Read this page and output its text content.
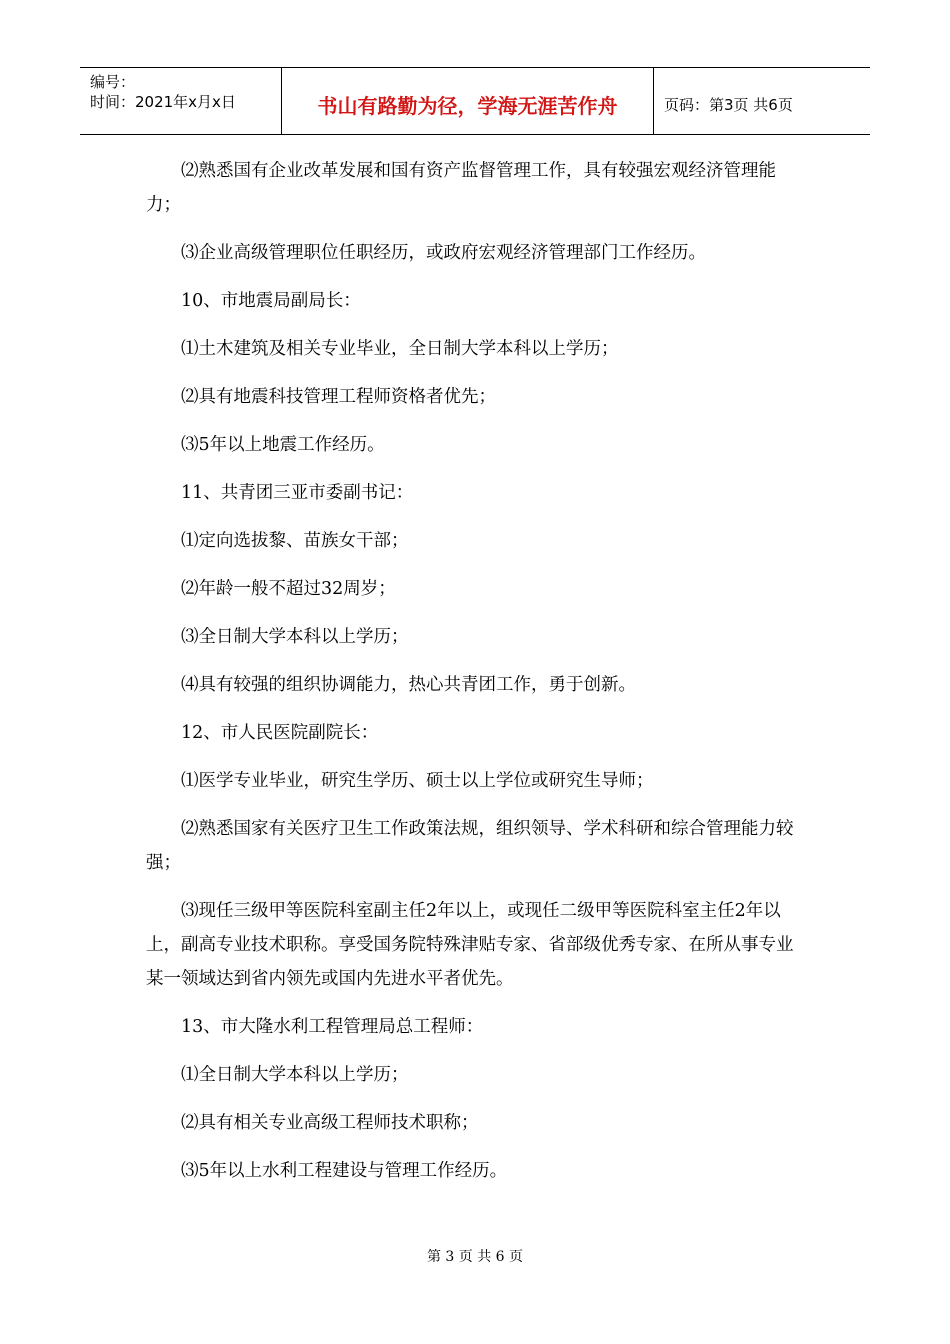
编号：
时间：2021年x月x日	书山有路勤为径，学海无涯苦作舟	页码：第3页 共6页

⑵熟悉国有企业改革发展和国有资产监督管理工作，具有较强宏观经济管理能力；

⑶企业高级管理职位任职经历，或政府宏观经济管理部门工作经历。

10、市地震局副局长：

⑴土木建筑及相关专业毕业，全日制大学本科以上学历；

⑵具有地震科技管理工程师资格者优先；

⑶5年以上地震工作经历。

11、共青团三亚市委副书记：

⑴定向选拔黎、苗族女干部；

⑵年龄一般不超过32周岁；

⑶全日制大学本科以上学历；

⑷具有较强的组织协调能力，热心共青团工作，勇于创新。

12、市人民医院副院长：

⑴医学专业毕业，研究生学历、硕士以上学位或研究生导师；

⑵熟悉国家有关医疗卫生工作政策法规，组织领导、学术科研和综合管理能力较强；

⑶现任三级甲等医院科室副主任2年以上，或现任二级甲等医院科室主任2年以上，副高专业技术职称。享受国务院特殊津贴专家、省部级优秀专家、在所从事专业某一领域达到省内领先或国内先进水平者优先。

13、市大隆水利工程管理局总工程师：

⑴全日制大学本科以上学历；

⑵具有相关专业高级工程师技术职称；

⑶5年以上水利工程建设与管理工作经历。

第 3 页 共 6 页
